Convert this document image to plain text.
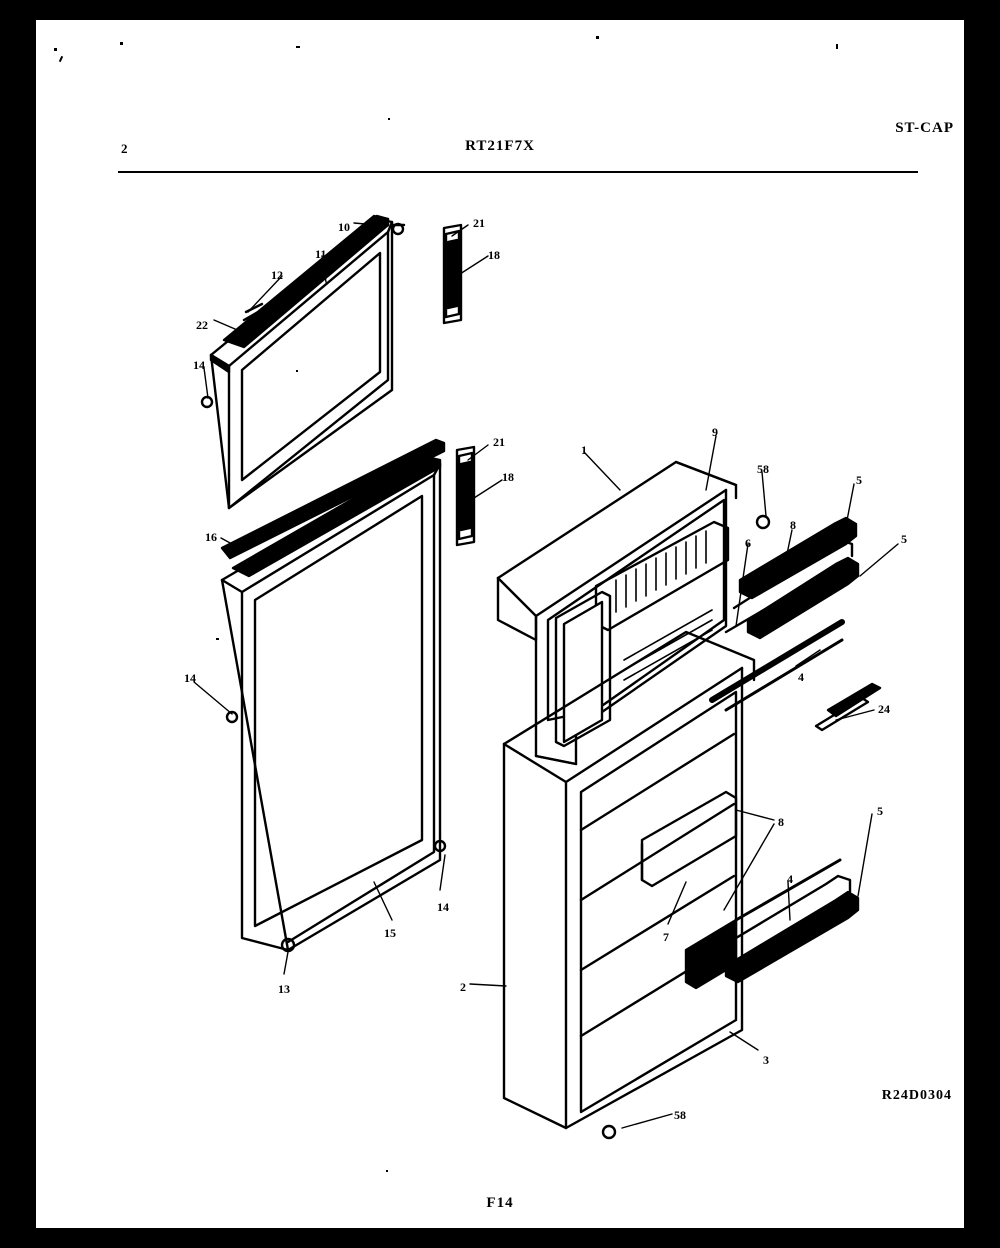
2	RT21F7X
ST-CAP
R24D0304
F14
10	21
11	18
12
22
14
1
9
58
5
21
6
8
5
18
16
4
24
14
8
5
4
7
14
15
13	2
3
58
